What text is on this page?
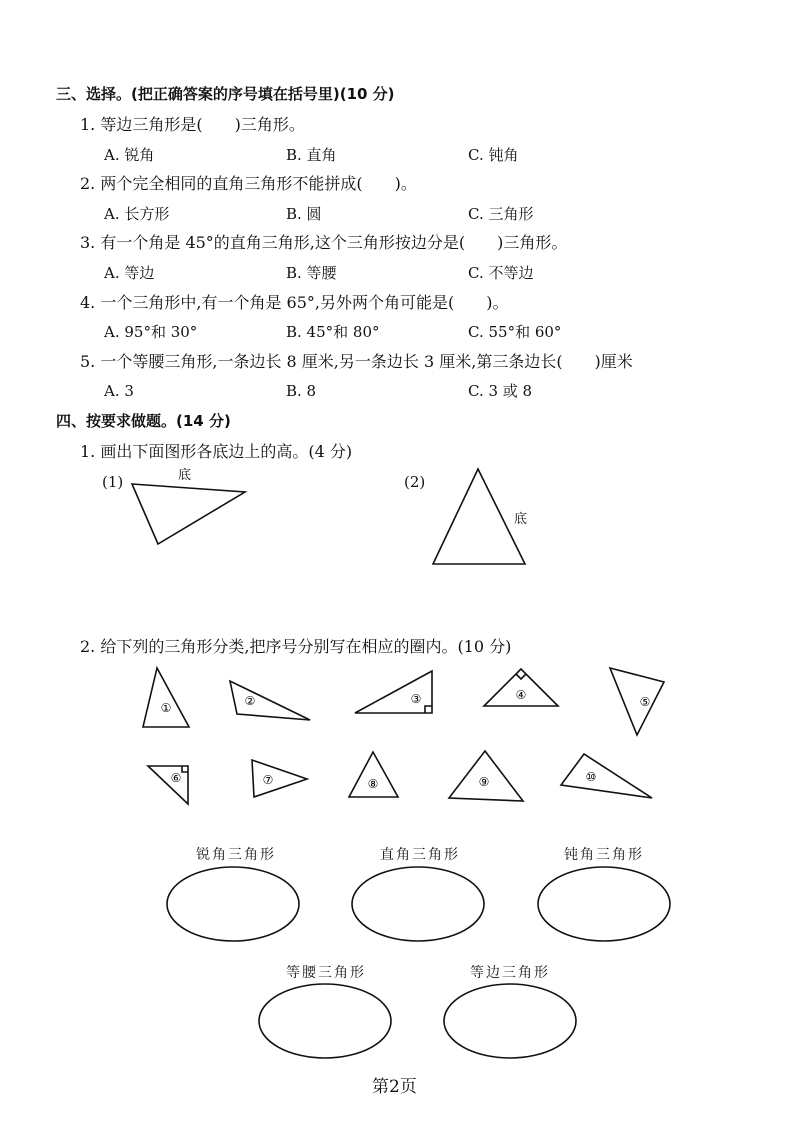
三、选择。(把正确答案的序号填在括号里)(10 分)
1. 等边三角形是(　　)三角形。
A. 锐角	B. 直角	C. 钝角
2. 两个完全相同的直角三角形不能拼成(　　)。
A. 长方形	B. 圆	C. 三角形
3. 有一个角是 45°的直角三角形,这个三角形按边分是(　　)三角形。
A. 等边	B. 等腰	C. 不等边
4. 一个三角形中,有一个角是 65°,另外两个角可能是(　　)。
A. 95°和 30°	B. 45°和 80°	C. 55°和 60°
5. 一个等腰三角形,一条边长 8 厘米,另一条边长 3 厘米,第三条边长(　　)厘米
A. 3	B. 8	C. 3 或 8
四、按要求做题。(14 分)
1. 画出下面图形各底边上的高。(4 分)
(1)	底	(2)
底
2. 给下列的三角形分类,把序号分别写在相应的圈内。(10 分)
锐角三角形	直角三角形	钝角三角形
等腰三角形	等边三角形
①	②	③	④	⑤
⑥	⑦	⑧	⑨	⑩
第2页
